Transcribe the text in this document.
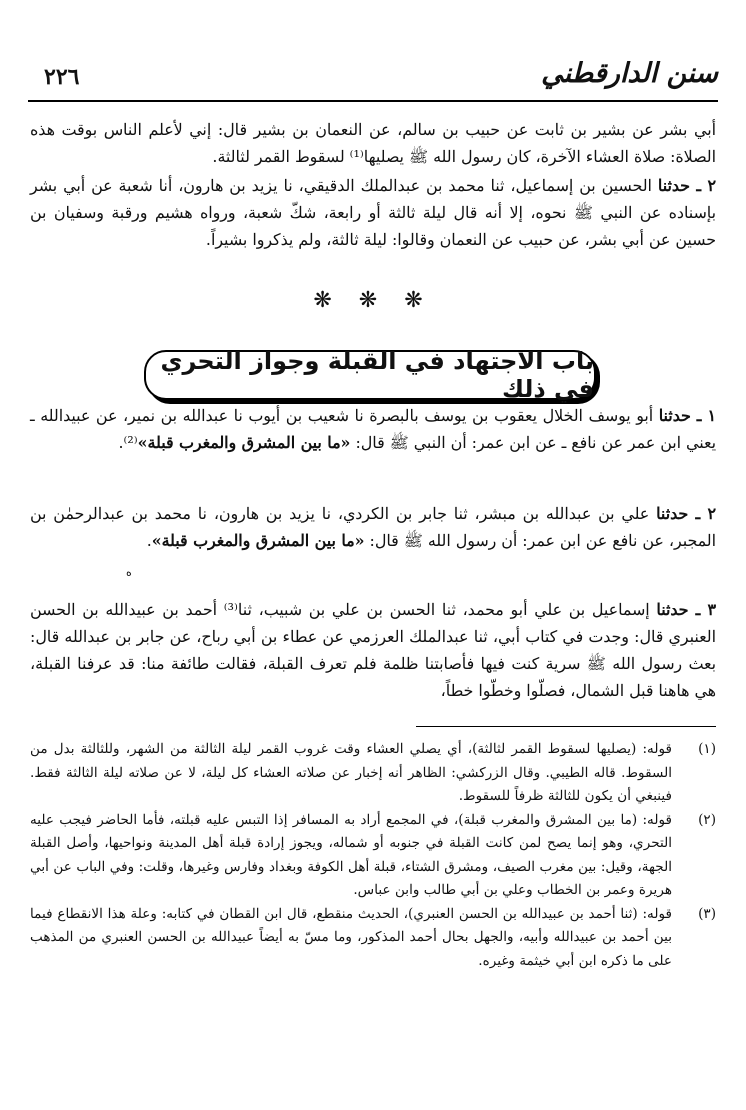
سنن الدارقطني
٢٢٦
أبي بشر عن بشير بن ثابت عن حبيب بن سالم، عن النعمان بن بشير قال: إني لأعلم الناس بوقت هذه الصلاة: صلاة العشاء الآخرة، كان رسول الله ﷺ يصليها⁽¹⁾ لسقوط القمر لثالثة.
٢ ـ حدثنا الحسين بن إسماعيل، ثنا محمد بن عبدالملك الدقيقي، نا يزيد بن هارون، أنا شعبة عن أبي بشر بإسناده عن النبي ﷺ نحوه، إلا أنه قال ليلة ثالثة أو رابعة، شكّ شعبة، ورواه هشيم ورقبة وسفيان بن حسين عن أبي بشر، عن حبيب عن النعمان وقالوا: ليلة ثالثة، ولم يذكروا بشيراً.
❋ ❋ ❋
باب الاجتهاد في القبلة وجواز التحري في ذلك
١ ـ حدثنا أبو يوسف الخلال يعقوب بن يوسف بالبصرة نا شعيب بن أيوب نا عبدالله بن نمير، عن عبيدالله ـ يعني ابن عمر عن نافع ـ عن ابن عمر: أن النبي ﷺ قال: «ما بين المشرق والمغرب قبلة»⁽²⁾.
٢ ـ حدثنا علي بن عبدالله بن مبشر، ثنا جابر بن الكردي، نا يزيد بن هارون، نا محمد بن عبدالرحمٰن بن المجبر، عن نافع عن ابن عمر: أن رسول الله ﷺ قال: «ما بين المشرق والمغرب قبلة».
ه
٣ ـ حدثنا إسماعيل بن علي أبو محمد، ثنا الحسن بن علي بن شبيب، ثنا⁽³⁾ أحمد بن عبيدالله بن الحسن العنبري قال: وجدت في كتاب أبي، ثنا عبدالملك العرزمي عن عطاء بن أبي رباح، عن جابر بن عبدالله قال: بعث رسول الله ﷺ سرية كنت فيها فأصابتنا ظلمة فلم تعرف القبلة، فقالت طائفة منا: قد عرفنا القبلة، هي هاهنا قبل الشمال، فصلّوا وخطّوا خطاً،
(١)
قوله: (يصليها لسقوط القمر لثالثة)، أي يصلي العشاء وقت غروب القمر ليلة الثالثة من الشهر، وللثالثة بدل من السقوط. قاله الطيبي. وقال الزركشي: الظاهر أنه إخبار عن صلاته العشاء كل ليلة، لا عن صلاته ليلة الثالثة فقط. فينبغي أن يكون للثالثة ظرفاً للسقوط.
(٢)
قوله: (ما بين المشرق والمغرب قبلة)، في المجمع أراد به المسافر إذا التبس عليه قبلته، فأما الحاضر فيجب عليه التحري، وهو إنما يصح لمن كانت القبلة في جنوبه أو شماله، ويجوز إرادة قبلة أهل المدينة ونواحيها، وأصل القبلة الجهة، وقيل: بين مغرب الصيف، ومشرق الشتاء، قبلة أهل الكوفة وبغداد وفارس وغيرها، وقلت: وفي الباب عن أبي هريرة وعمر بن الخطاب وعلي بن أبي طالب وابن عباس.
(٣)
قوله: (ثنا أحمد بن عبيدالله بن الحسن العنبري)، الحديث منقطع، قال ابن القطان في كتابه: وعلة هذا الانقطاع فيما بين أحمد بن عبيدالله وأبيه، والجهل بحال أحمد المذكور، وما مسّ به أيضاً عبيدالله بن الحسن العنبري من المذهب على ما ذكره ابن أبي خيثمة وغيره.
